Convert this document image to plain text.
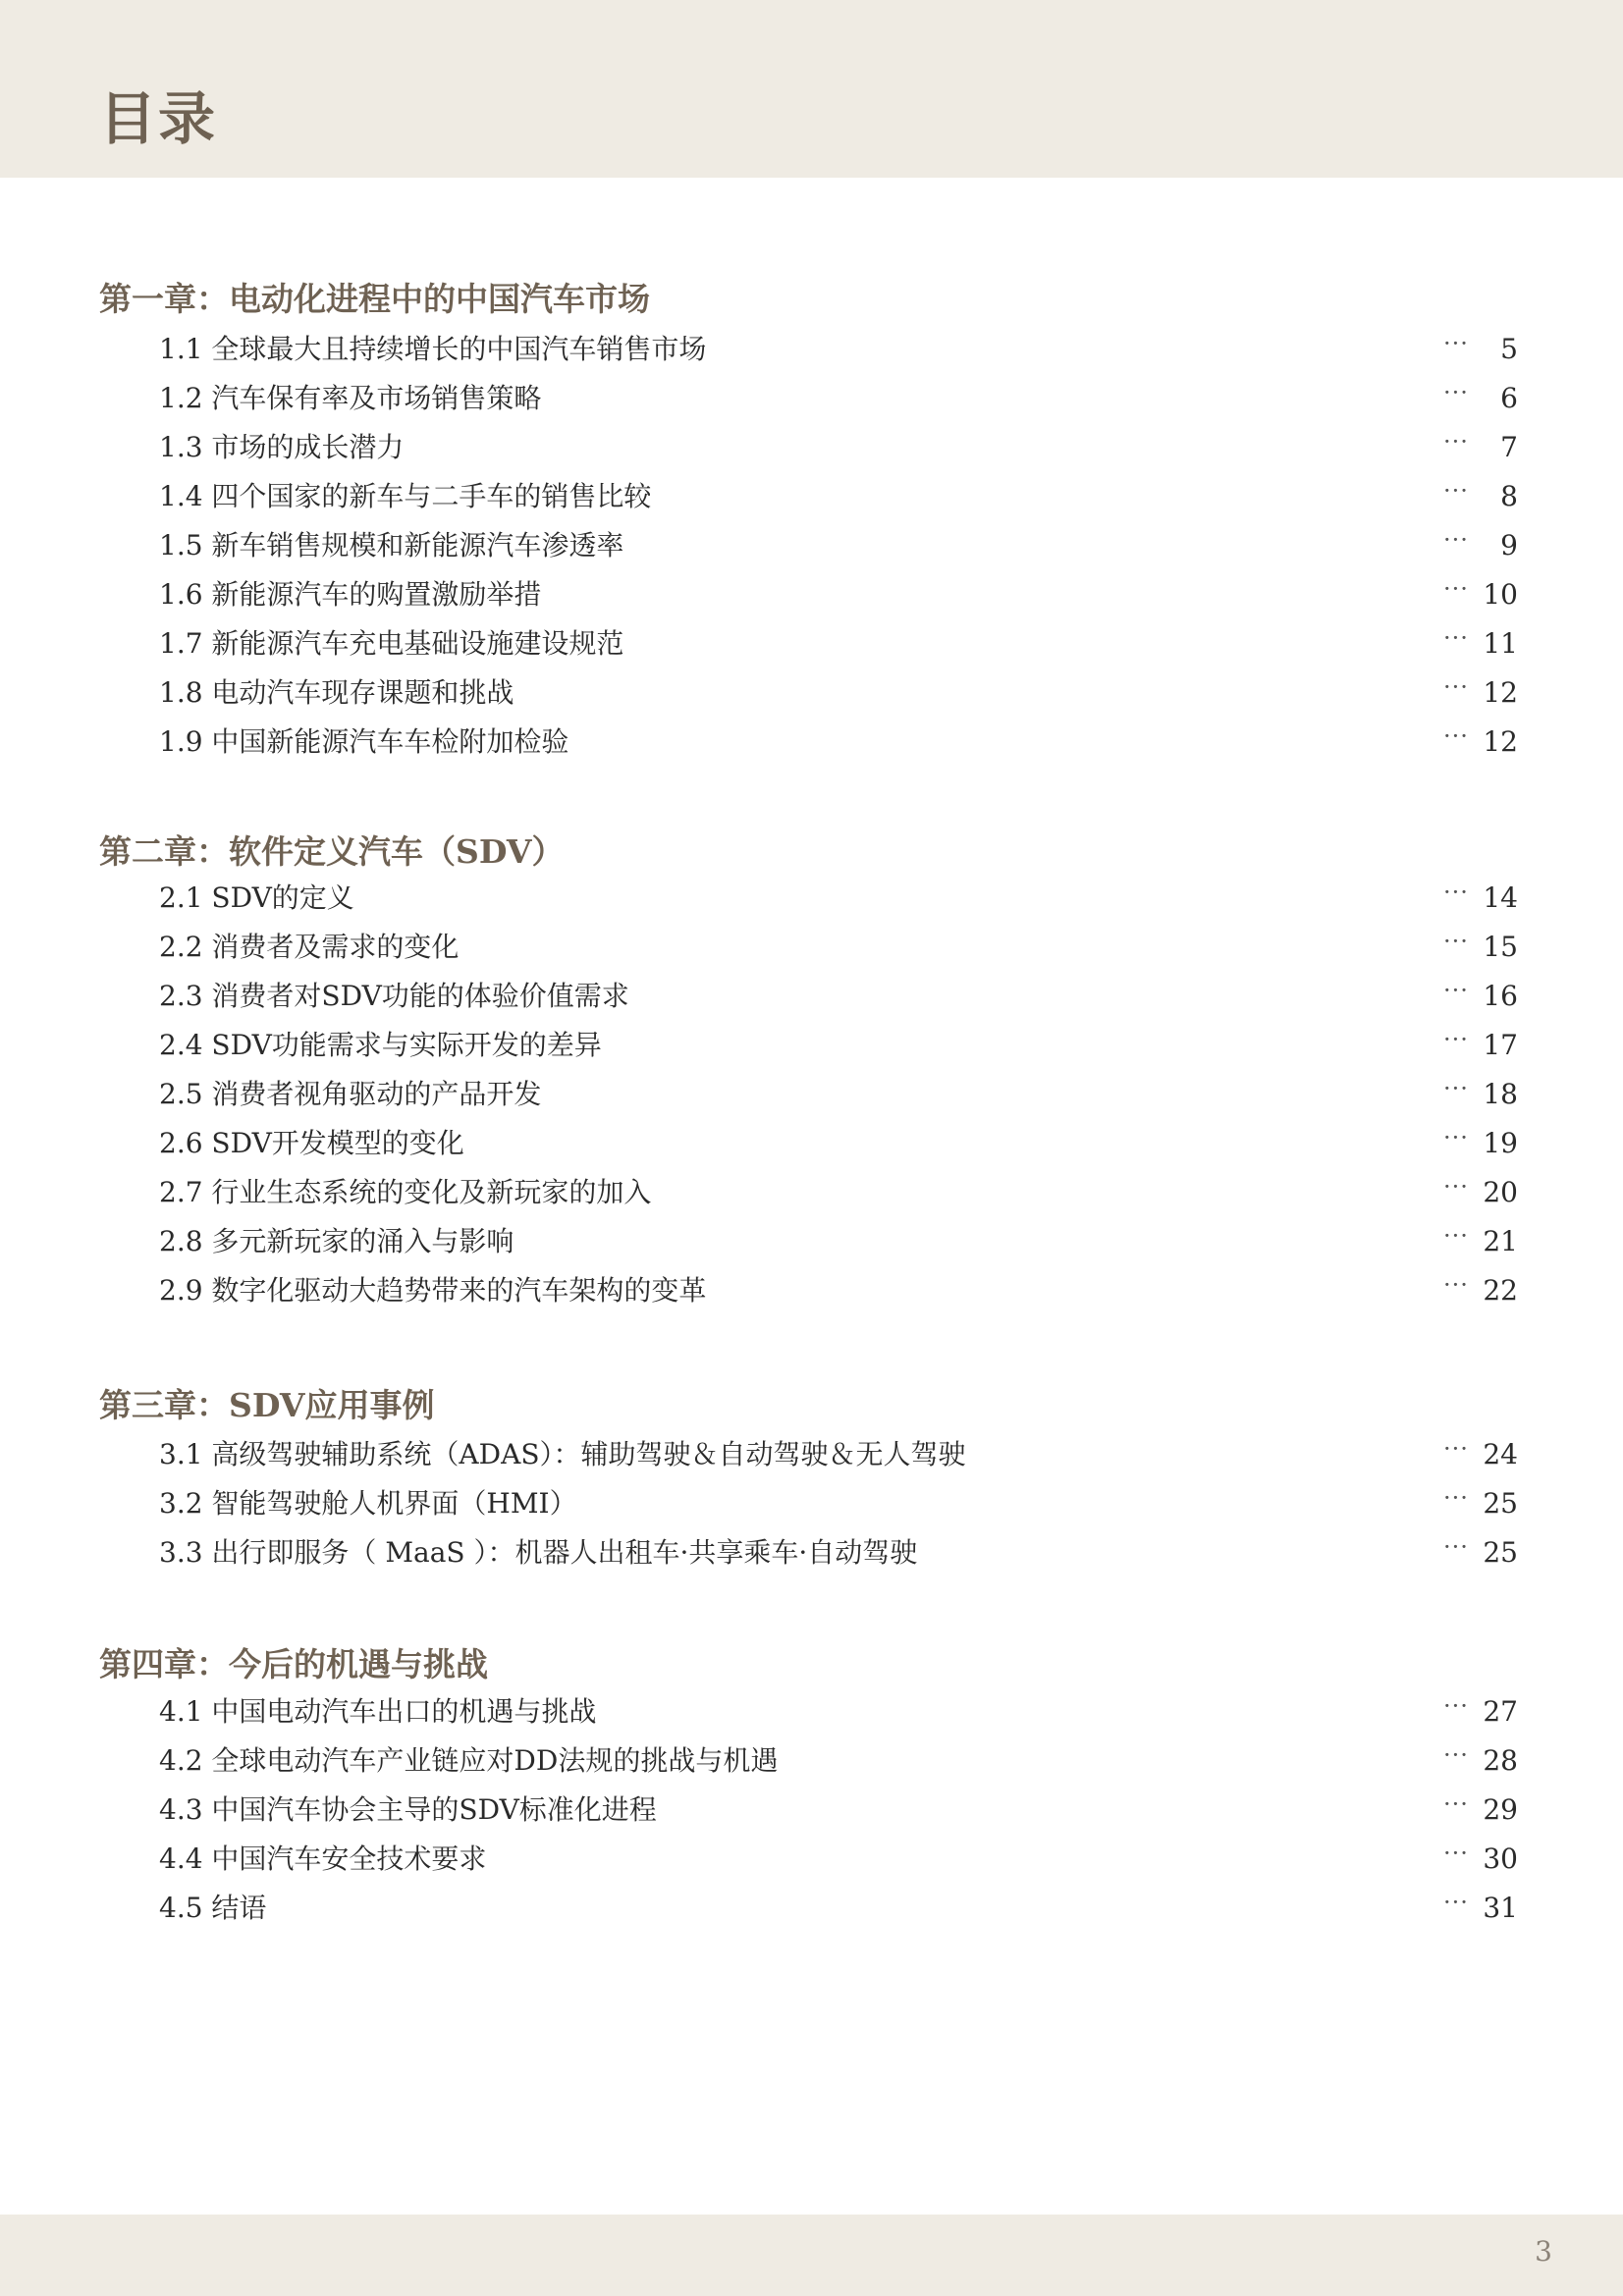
目录
第一章：电动化进程中的中国汽车市场
1.1 全球最大且持续增长的中国汽车销售市场	···	5
1.2 汽车保有率及市场销售策略	···	6
1.3 市场的成长潜力	···	7
1.4 四个国家的新车与二手车的销售比较	···	8
1.5 新车销售规模和新能源汽车渗透率	···	9
1.6 新能源汽车的购置激励举措	··· 10
1.7 新能源汽车充电基础设施建设规范	··· 11
1.8 电动汽车现存课题和挑战	··· 12
1.9 中国新能源汽车车检附加检验	··· 12
第二章：软件定义汽车（SDV）
2.1 SDV的定义	··· 14
2.2 消费者及需求的变化	··· 15
2.3 消费者对SDV功能的体验价值需求	··· 16
2.4 SDV功能需求与实际开发的差异	··· 17
2.5 消费者视角驱动的产品开发	··· 18
2.6 SDV开发模型的变化	··· 19
2.7 行业生态系统的变化及新玩家的加入	··· 20
2.8 多元新玩家的涌入与影响	··· 21
2.9 数字化驱动大趋势带来的汽车架构的变革	··· 22
第三章：SDV应用事例
3.1 高级驾驶辅助系统（ADAS）：辅助驾驶＆自动驾驶＆无人驾驶	··· 24
3.2 智能驾驶舱人机界面（HMI）	··· 25
3.3 出行即服务（ MaaS ）：机器人出租车·共享乘车·自动驾驶	··· 25
第四章：今后的机遇与挑战
4.1 中国电动汽车出口的机遇与挑战	··· 27
4.2 全球电动汽车产业链应对DD法规的挑战与机遇	··· 28
4.3 中国汽车协会主导的SDV标准化进程	··· 29
4.4 中国汽车安全技术要求	··· 30
4.5 结语	··· 31
3
